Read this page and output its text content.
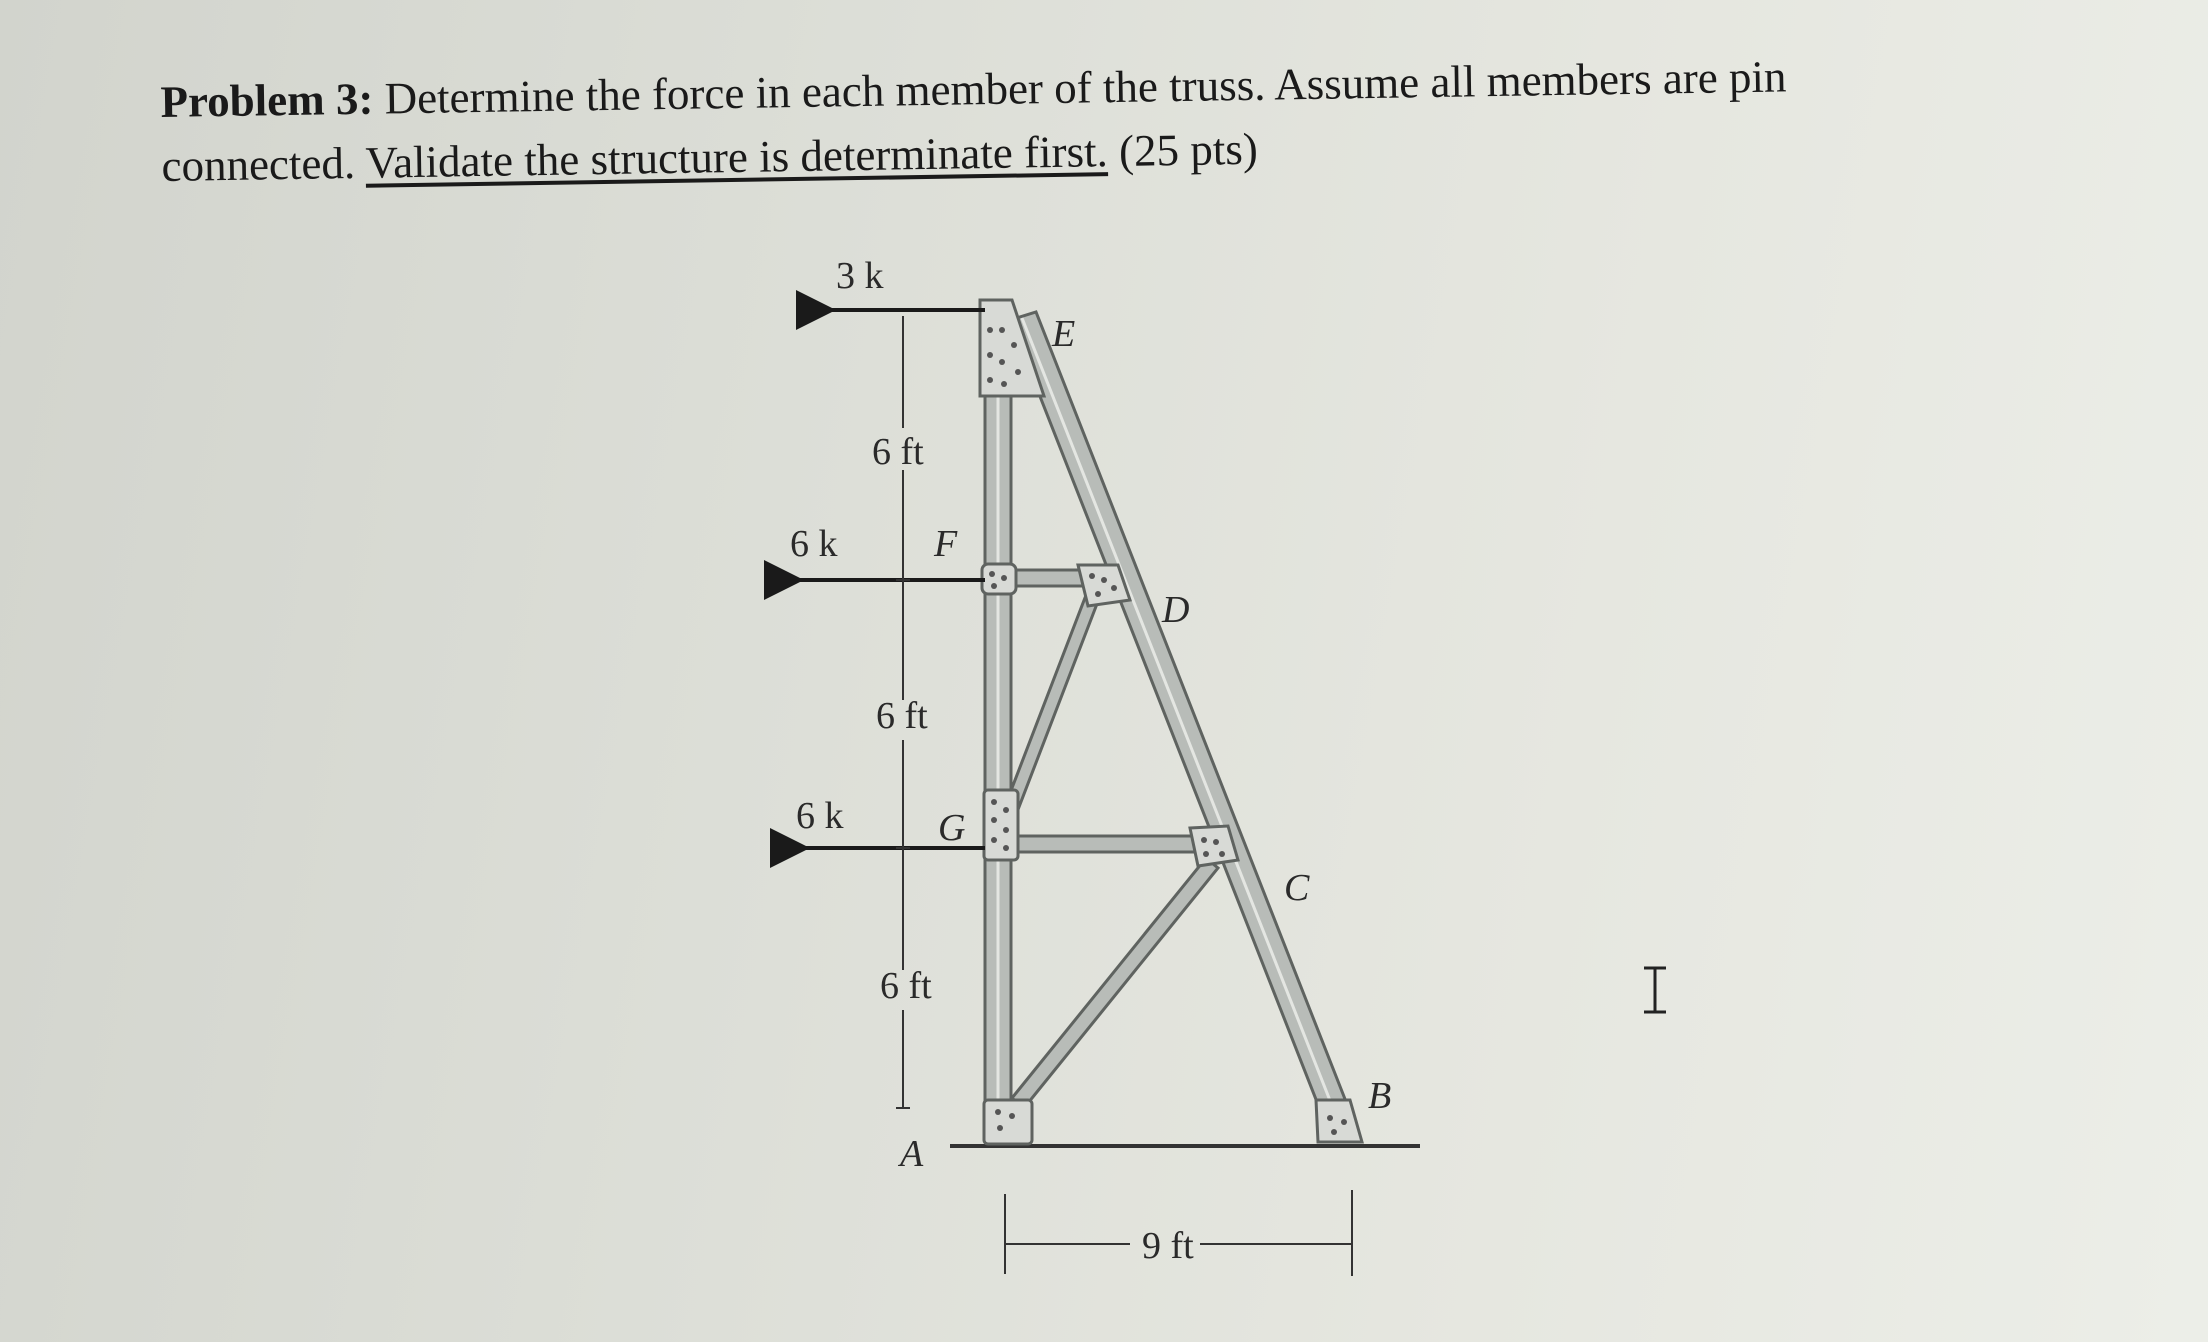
Problem 3: Determine the force in each member of the truss. Assume all members are pin connected. Validate the structure is determinate first. (25 pts)

3 k
6 k
6 k
6 ft
6 ft
6 ft
9 ft
E
F
D
G
C
B
A
